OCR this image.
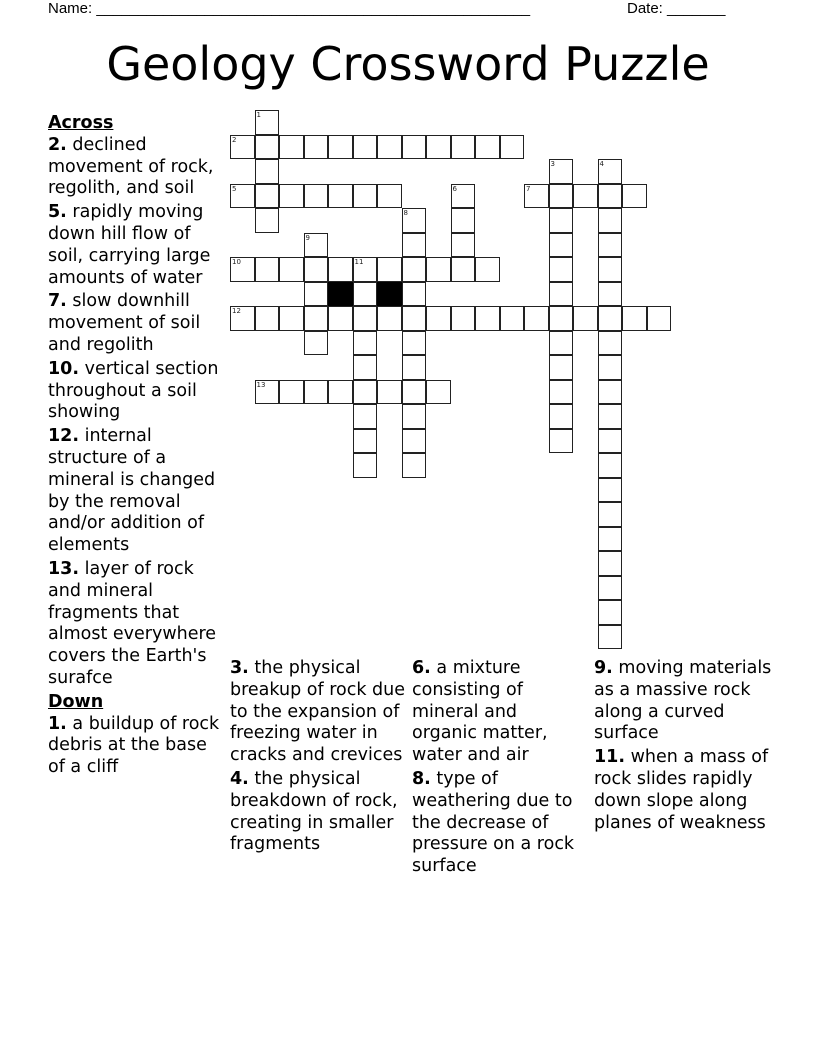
Name: ____________________________________________________	Date: _______
Geology Crossword Puzzle
1
2
3	4
5	6	7
8
9
10	11
12
13
Across
2. declined movement of rock, regolith, and soil
5. rapidly moving down hill flow of soil, carrying large amounts of water
7. slow downhill movement of soil and regolith
10. vertical section throughout a soil showing
12. internal structure of a mineral is changed by the removal and/or addition of elements
13. layer of rock and mineral fragments that almost everywhere covers the Earth's surafce
Down
1. a buildup of rock debris at the base of a cliff
3. the physical breakup of rock due to the expansion of freezing water in cracks and crevices
4. the physical breakdown of rock, creating in smaller fragments
6. a mixture consisting of mineral and organic matter, water and air
8. type of weathering due to the decrease of pressure on a rock surface
9. moving materials as a massive rock along a curved surface
11. when a mass of rock slides rapidly down slope along planes of weakness
